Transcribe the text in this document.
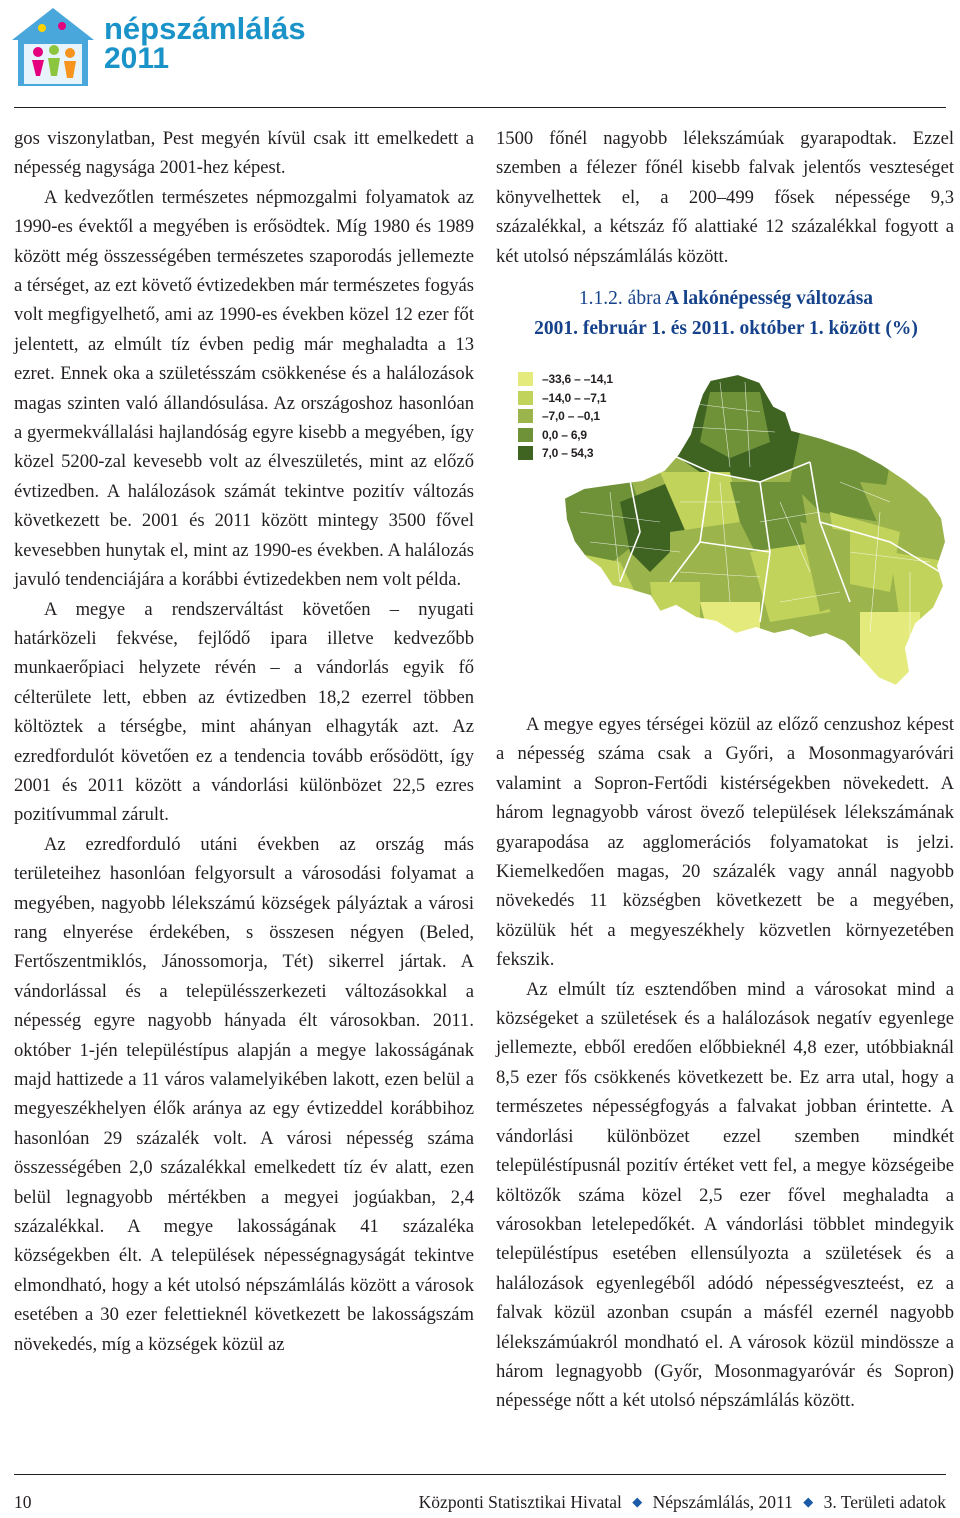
népszámlálás
2011

gos viszonylatban, Pest megyén kívül csak itt emelkedett a népesség nagysága 2001-hez képest.

A kedvezőtlen természetes népmozgalmi folyamatok az 1990-es évektől a megyében is erősödtek. Míg 1980 és 1989 között még összességében természetes szaporodás jellemezte a térséget, az ezt követő évtizedekben már természetes fogyás volt megfigyelhető, ami az 1990-es években közel 12 ezer főt jelentett, az elmúlt tíz évben pedig már meghaladta a 13 ezret. Ennek oka a születésszám csökkenése és a halálozások magas szinten való állandósulása. Az országoshoz hasonlóan a gyermekvállalási hajlandóság egyre kisebb a megyében, így közel 5200-zal kevesebb volt az élveszületés, mint az előző évtizedben. A halálozások számát tekintve pozitív változás következett be. 2001 és 2011 között mintegy 3500 fővel kevesebben hunytak el, mint az 1990-es években. A halálozás javuló tendenciájára a korábbi évtizedekben nem volt példa.

A megye a rendszerváltást követően – nyugati határközeli fekvése, fejlődő ipara illetve kedvezőbb munkaerőpiaci helyzete révén – a vándorlás egyik fő célterülete lett, ebben az évtizedben 18,2 ezerrel többen költöztek a térségbe, mint ahányan elhagyták azt. Az ezredfordulót követően ez a tendencia tovább erősödött, így 2001 és 2011 között a vándorlási különbözet 22,5 ezres pozitívummal zárult.

Az ezredforduló utáni években az ország más területeihez hasonlóan felgyorsult a városodási folyamat a megyében, nagyobb lélekszámú községek pályáztak a városi rang elnyerése érdekében, s összesen négyen (Beled, Fertőszentmiklós, Jánossomorja, Tét) sikerrel jártak. A vándorlással és a településszerkezeti változásokkal a népesség egyre nagyobb hányada élt városokban. 2011. október 1-jén településtípus alapján a megye lakosságának majd hattizede a 11 város valamelyikében lakott, ezen belül a megyeszékhelyen élők aránya az egy évtizeddel korábbihoz hasonlóan 29 százalék volt. A városi népesség száma összességében 2,0 százalékkal emelkedett tíz év alatt, ezen belül legnagyobb mértékben a megyei jogúakban, 2,4 százalékkal. A megye lakosságának 41 százaléka községekben élt. A települések népességnagyságát tekintve elmondható, hogy a két utolsó népszámlálás között a városok esetében a 30 ezer felettieknél következett be lakosságszám növekedés, míg a községek közül az

1500 főnél nagyobb lélekszámúak gyarapodtak. Ezzel szemben a félezer főnél kisebb falvak jelentős veszteséget könyvelhettek el, a 200–499 fősek népessége 9,3 százalékkal, a kétszáz fő alattiaké 12 százalékkal fogyott a két utolsó népszámlálás között.

1.1.2. ábra A lakónépesség változása
2001. február 1. és 2011. október 1. között (%)
–33,6 – –14,1
–14,0 – –7,1
–7,0 – –0,1
0,0 – 6,9
7,0 – 54,3

A megye egyes térségei közül az előző cenzushoz képest a népesség száma csak a Győri, a Mosonmagyaróvári valamint a Sopron-Fertődi kistérségekben növekedett. A három legnagyobb várost övező települések lélekszámának gyarapodása az agglomerációs folyamatokat is jelzi. Kiemelkedően magas, 20 százalék vagy annál nagyobb növekedés 11 községben következett be a megyében, közülük hét a megyeszékhely közvetlen környezetében fekszik.

Az elmúlt tíz esztendőben mind a városokat mind a községeket a születések és a halálozások negatív egyenlege jellemezte, ebből eredően előbbieknél 4,8 ezer, utóbbiaknál 8,5 ezer fős csökkenés következett be. Ez arra utal, hogy a természetes népességfogyás a falvakat jobban érintette. A vándorlási különbözet ezzel szemben mindkét településtípusnál pozitív értéket vett fel, a megye községeibe költözők száma közel 2,5 ezer fővel meghaladta a városokban letelepedőkét. A vándorlási többlet mindegyik településtípus esetében ellensúlyozta a születések és a halálozások egyenlegéből adódó népességveszteést, ez a falvak közül azonban csupán a másfél ezernél nagyobb lélekszámúakról mondható el. A városok közül mindössze a három legnagyobb (Győr, Mosonmagyaróvár és Sopron) népessége nőtt a két utolsó népszámlálás között.

10	Központi Statisztikai Hivatal ◆ Népszámlálás, 2011 ◆ 3. Területi adatok
